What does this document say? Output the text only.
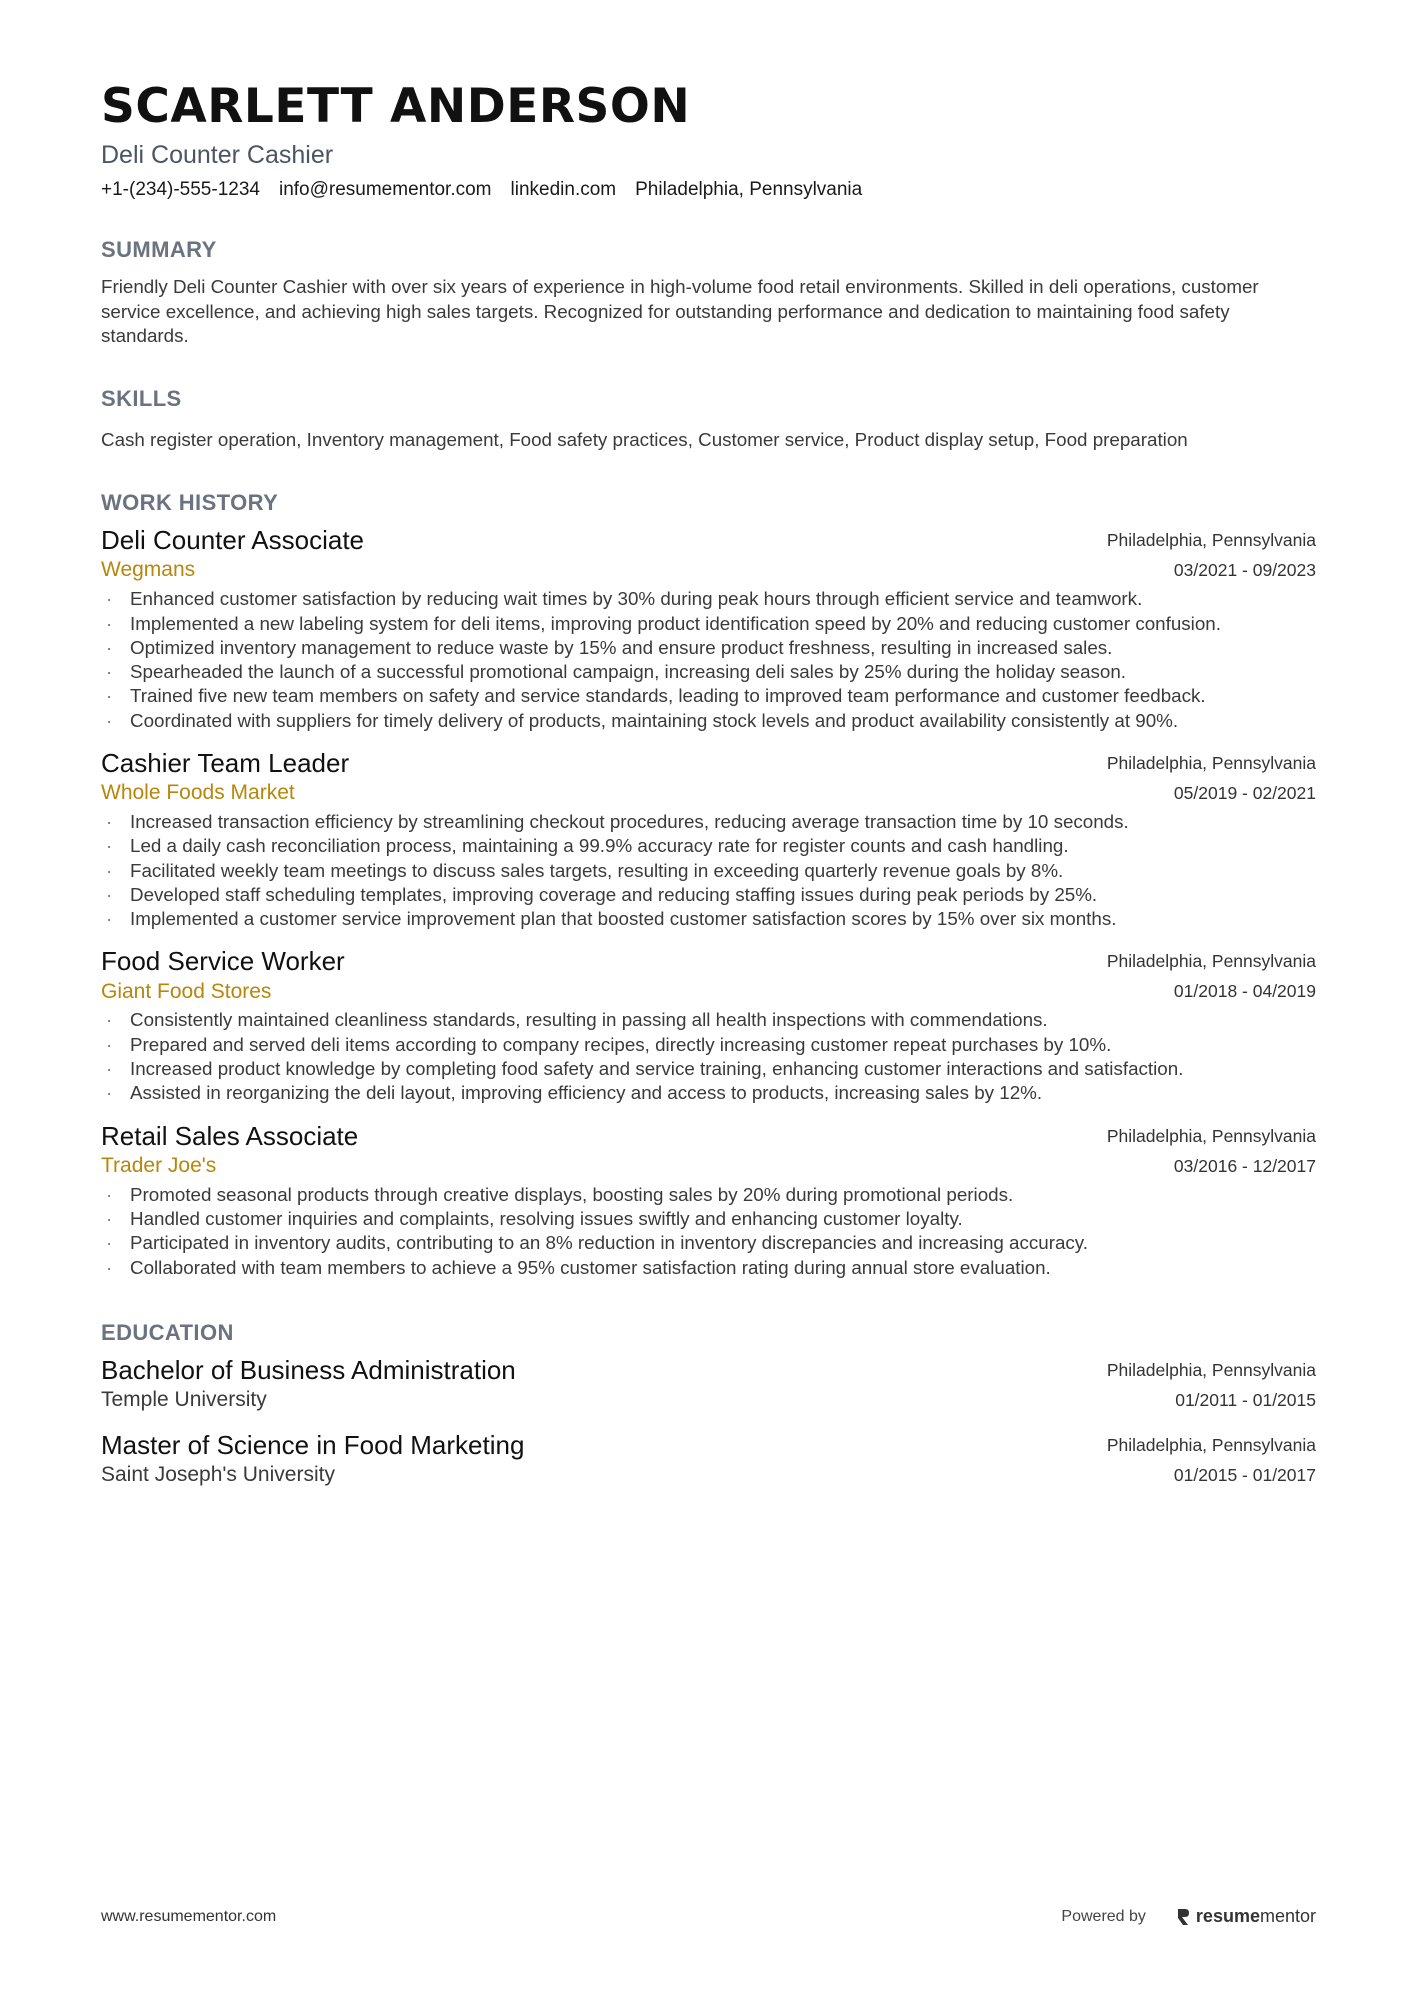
SCARLETT ANDERSON
Deli Counter Cashier
+1-(234)-555-1234 info@resumementor.com linkedin.com Philadelphia, Pennsylvania
SUMMARY
Friendly Deli Counter Cashier with over six years of experience in high-volume food retail environments. Skilled in deli operations, customer service excellence, and achieving high sales targets. Recognized for outstanding performance and dedication to maintaining food safety standards.
SKILLS
Cash register operation, Inventory management, Food safety practices, Customer service, Product display setup, Food preparation
WORK HISTORY
Deli Counter Associate
Wegmans
Philadelphia, Pennsylvania
03/2021 - 09/2023
· Enhanced customer satisfaction by reducing wait times by 30% during peak hours through efficient service and teamwork.
· Implemented a new labeling system for deli items, improving product identification speed by 20% and reducing customer confusion.
· Optimized inventory management to reduce waste by 15% and ensure product freshness, resulting in increased sales.
· Spearheaded the launch of a successful promotional campaign, increasing deli sales by 25% during the holiday season.
· Trained five new team members on safety and service standards, leading to improved team performance and customer feedback.
· Coordinated with suppliers for timely delivery of products, maintaining stock levels and product availability consistently at 90%.
Cashier Team Leader
Whole Foods Market
Philadelphia, Pennsylvania
05/2019 - 02/2021
· Increased transaction efficiency by streamlining checkout procedures, reducing average transaction time by 10 seconds.
· Led a daily cash reconciliation process, maintaining a 99.9% accuracy rate for register counts and cash handling.
· Facilitated weekly team meetings to discuss sales targets, resulting in exceeding quarterly revenue goals by 8%.
· Developed staff scheduling templates, improving coverage and reducing staffing issues during peak periods by 25%.
· Implemented a customer service improvement plan that boosted customer satisfaction scores by 15% over six months.
Food Service Worker
Giant Food Stores
Philadelphia, Pennsylvania
01/2018 - 04/2019
· Consistently maintained cleanliness standards, resulting in passing all health inspections with commendations.
· Prepared and served deli items according to company recipes, directly increasing customer repeat purchases by 10%.
· Increased product knowledge by completing food safety and service training, enhancing customer interactions and satisfaction.
· Assisted in reorganizing the deli layout, improving efficiency and access to products, increasing sales by 12%.
Retail Sales Associate
Trader Joe's
Philadelphia, Pennsylvania
03/2016 - 12/2017
· Promoted seasonal products through creative displays, boosting sales by 20% during promotional periods.
· Handled customer inquiries and complaints, resolving issues swiftly and enhancing customer loyalty.
· Participated in inventory audits, contributing to an 8% reduction in inventory discrepancies and increasing accuracy.
· Collaborated with team members to achieve a 95% customer satisfaction rating during annual store evaluation.
EDUCATION
Bachelor of Business Administration
Temple University
Philadelphia, Pennsylvania
01/2011 - 01/2015
Master of Science in Food Marketing
Saint Joseph's University
Philadelphia, Pennsylvania
01/2015 - 01/2017
www.resumementor.com	Powered by	resumementor
